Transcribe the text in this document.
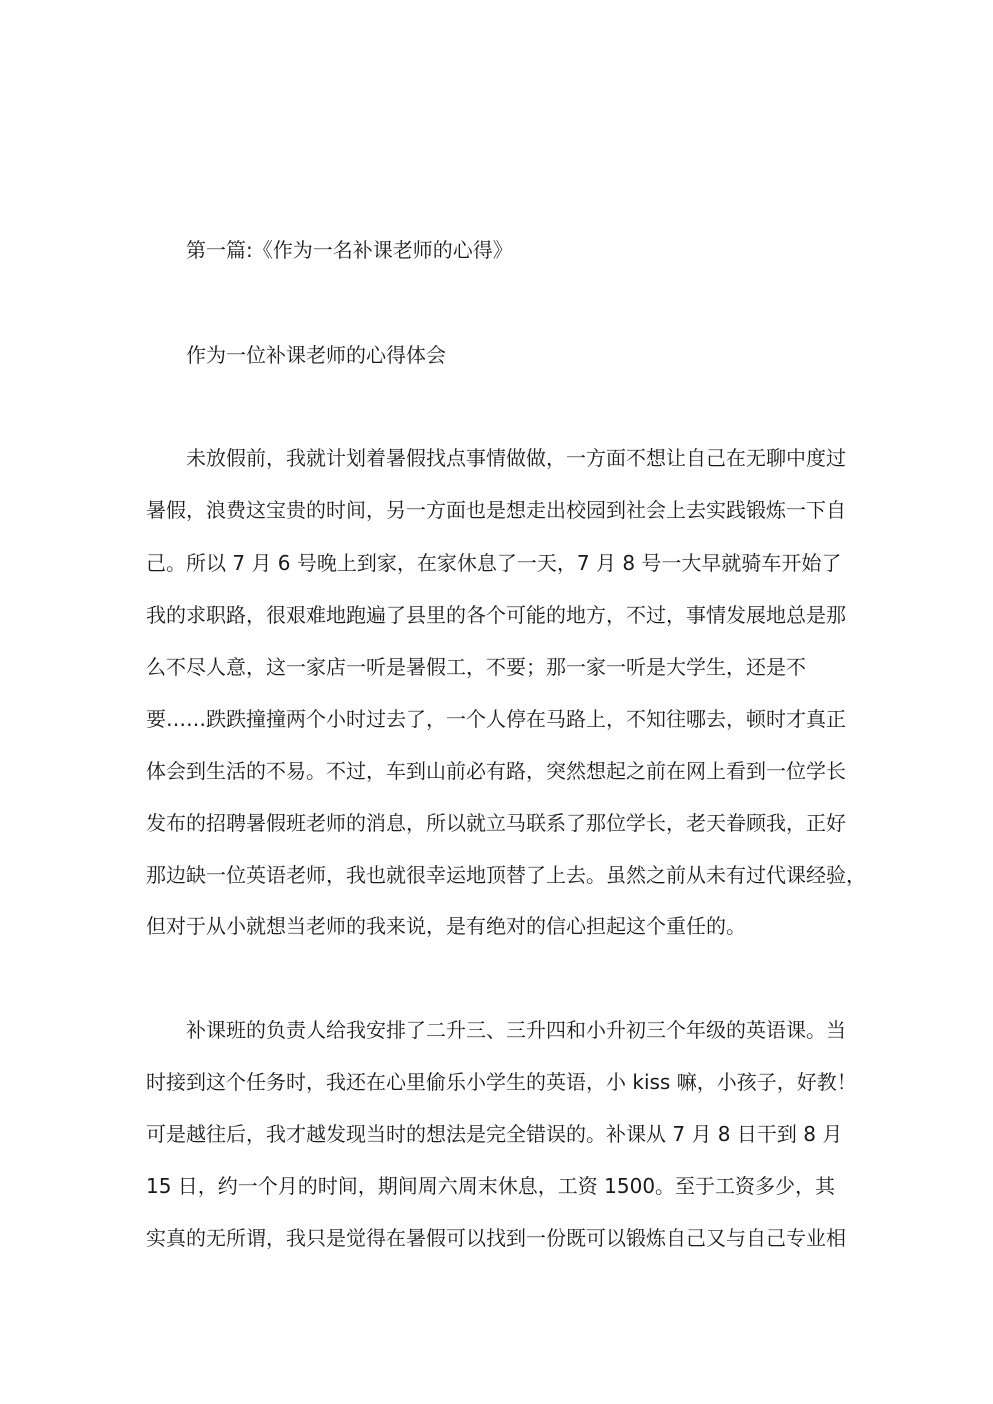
第一篇:《作为一名补课老师的心得》
作为一位补课老师的心得体会
未放假前，我就计划着暑假找点事情做做，一方面不想让自己在无聊中度过
暑假，浪费这宝贵的时间，另一方面也是想走出校园到社会上去实践锻炼一下自
己。所以 7 月 6 号晚上到家，在家休息了一天，7 月 8 号一大早就骑车开始了
我的求职路，很艰难地跑遍了县里的各个可能的地方，不过，事情发展地总是那
么不尽人意，这一家店一听是暑假工，不要；那一家一听是大学生，还是不
要……跌跌撞撞两个小时过去了，一个人停在马路上，不知往哪去，顿时才真正
体会到生活的不易。不过，车到山前必有路，突然想起之前在网上看到一位学长
发布的招聘暑假班老师的消息，所以就立马联系了那位学长，老天眷顾我，正好
那边缺一位英语老师，我也就很幸运地顶替了上去。虽然之前从未有过代课经验，
但对于从小就想当老师的我来说，是有绝对的信心担起这个重任的。
补课班的负责人给我安排了二升三、三升四和小升初三个年级的英语课。当
时接到这个任务时，我还在心里偷乐小学生的英语，小 kiss 嘛，小孩子，好教！
可是越往后，我才越发现当时的想法是完全错误的。补课从 7 月 8 日干到 8 月
15 日，约一个月的时间，期间周六周末休息，工资 1500。至于工资多少，其
实真的无所谓，我只是觉得在暑假可以找到一份既可以锻炼自己又与自己专业相
